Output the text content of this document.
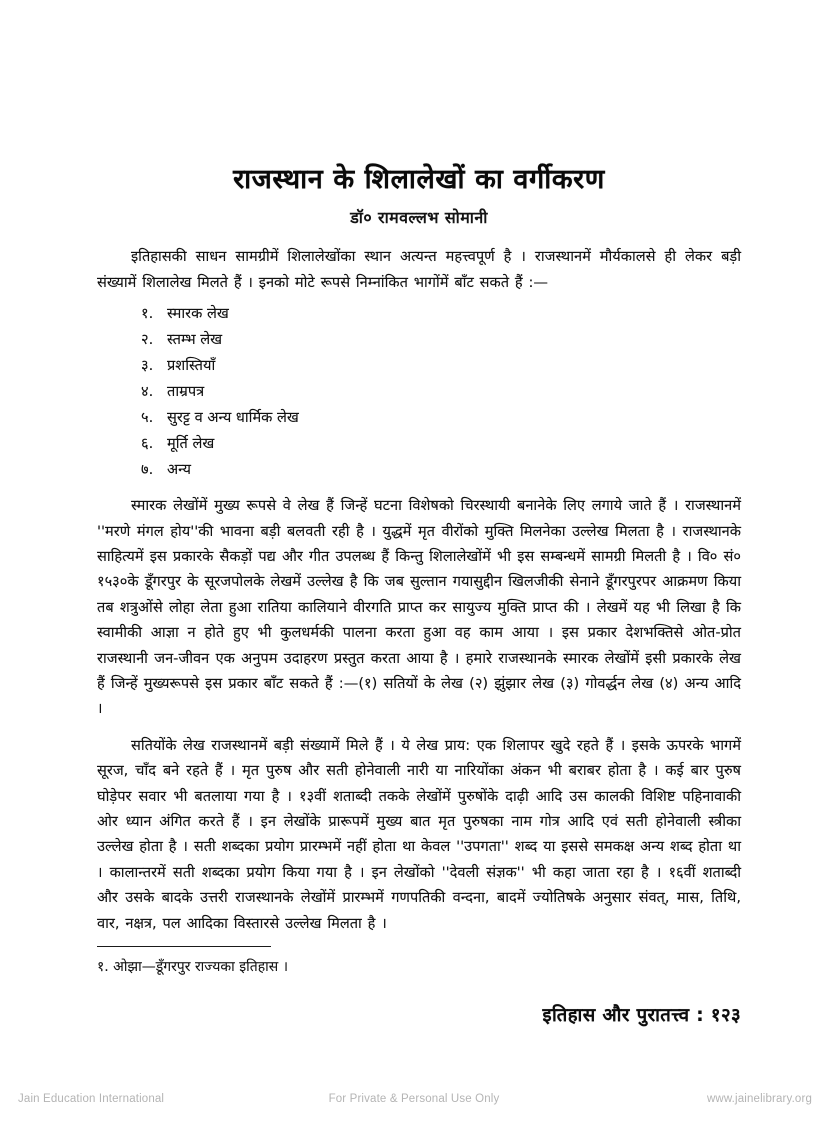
राजस्थान के शिलालेखों का वर्गीकरण
डॉ० रामवल्लभ सोमानी

इतिहासकी साधन सामग्रीमें शिलालेखोंका स्थान अत्यन्त महत्त्वपूर्ण है । राजस्थानमें मौर्यकालसे ही लेकर बड़ी संख्यामें शिलालेख मिलते हैं । इनको मोटे रूपसे निम्नांकित भागोंमें बाँट सकते हैं :—

१. स्मारक लेख
२. स्तम्भ लेख
३. प्रशस्तियाँ
४. ताम्रपत्र
५. सुरट्ट व अन्य धार्मिक लेख
६. मूर्ति लेख
७. अन्य

स्मारक लेखोंमें मुख्य रूपसे वे लेख हैं जिन्हें घटना विशेषको चिरस्थायी बनानेके लिए लगाये जाते हैं । राजस्थानमें ''मरणे मंगल होय''की भावना बड़ी बलवती रही है । युद्धमें मृत वीरोंको मुक्ति मिलनेका उल्लेख मिलता है । राजस्थानके साहित्यमें इस प्रकारके सैकड़ों पद्य और गीत उपलब्ध हैं किन्तु शिलालेखोंमें भी इस सम्बन्धमें सामग्री मिलती है । वि० सं० १५३०के डूँगरपुर के सूरजपोलके लेखमें उल्लेख है कि जब सुल्तान गयासुद्दीन खिलजीकी सेनाने डूँगरपुरपर आक्रमण किया तब शत्रुओंसे लोहा लेता हुआ रातिया कालियाने वीरगति प्राप्त कर सायुज्य मुक्ति प्राप्त की । लेखमें यह भी लिखा है कि स्वामीकी आज्ञा न होते हुए भी कुलधर्मकी पालना करता हुआ वह काम आया । इस प्रकार देशभक्तिसे ओत-प्रोत राजस्थानी जन-जीवन एक अनुपम उदाहरण प्रस्तुत करता आया है । हमारे राजस्थानके स्मारक लेखोंमें इसी प्रकारके लेख हैं जिन्हें मुख्यरूपसे इस प्रकार बाँट सकते हैं :—(१) सतियों के लेख (२) झुंझार लेख (३) गोवर्द्धन लेख (४) अन्य आदि ।

सतियोंके लेख राजस्थानमें बड़ी संख्यामें मिले हैं । ये लेख प्राय: एक शिलापर खुदे रहते हैं । इसके ऊपरके भागमें सूरज, चाँद बने रहते हैं । मृत पुरुष और सती होनेवाली नारी या नारियोंका अंकन भी बराबर होता है । कई बार पुरुष घोड़ेपर सवार भी बतलाया गया है । १३वीं शताब्दी तकके लेखोंमें पुरुषोंके दाढ़ी आदि उस कालकी विशिष्ट पहिनावाकी ओर ध्यान अंगित करते हैं । इन लेखोंके प्रारूपमें मुख्य बात मृत पुरुषका नाम गोत्र आदि एवं सती होनेवाली स्त्रीका उल्लेख होता है । सती शब्दका प्रयोग प्रारम्भमें नहीं होता था केवल ''उपगता'' शब्द या इससे समकक्ष अन्य शब्द होता था । कालान्तरमें सती शब्दका प्रयोग किया गया है । इन लेखोंको ''देवली संज्ञक'' भी कहा जाता रहा है । १६वीं शताब्दी और उसके बादके उत्तरी राजस्थानके लेखोंमें प्रारम्भमें गणपतिकी वन्दना, बादमें ज्योतिषके अनुसार संवत्, मास, तिथि, वार, नक्षत्र, पल आदिका विस्तारसे उल्लेख मिलता है ।

१. ओझा—डूँगरपुर राज्यका इतिहास ।

इतिहास और पुरातत्त्व : १२३
Jain Education International	For Private & Personal Use Only	www.jainelibrary.org
